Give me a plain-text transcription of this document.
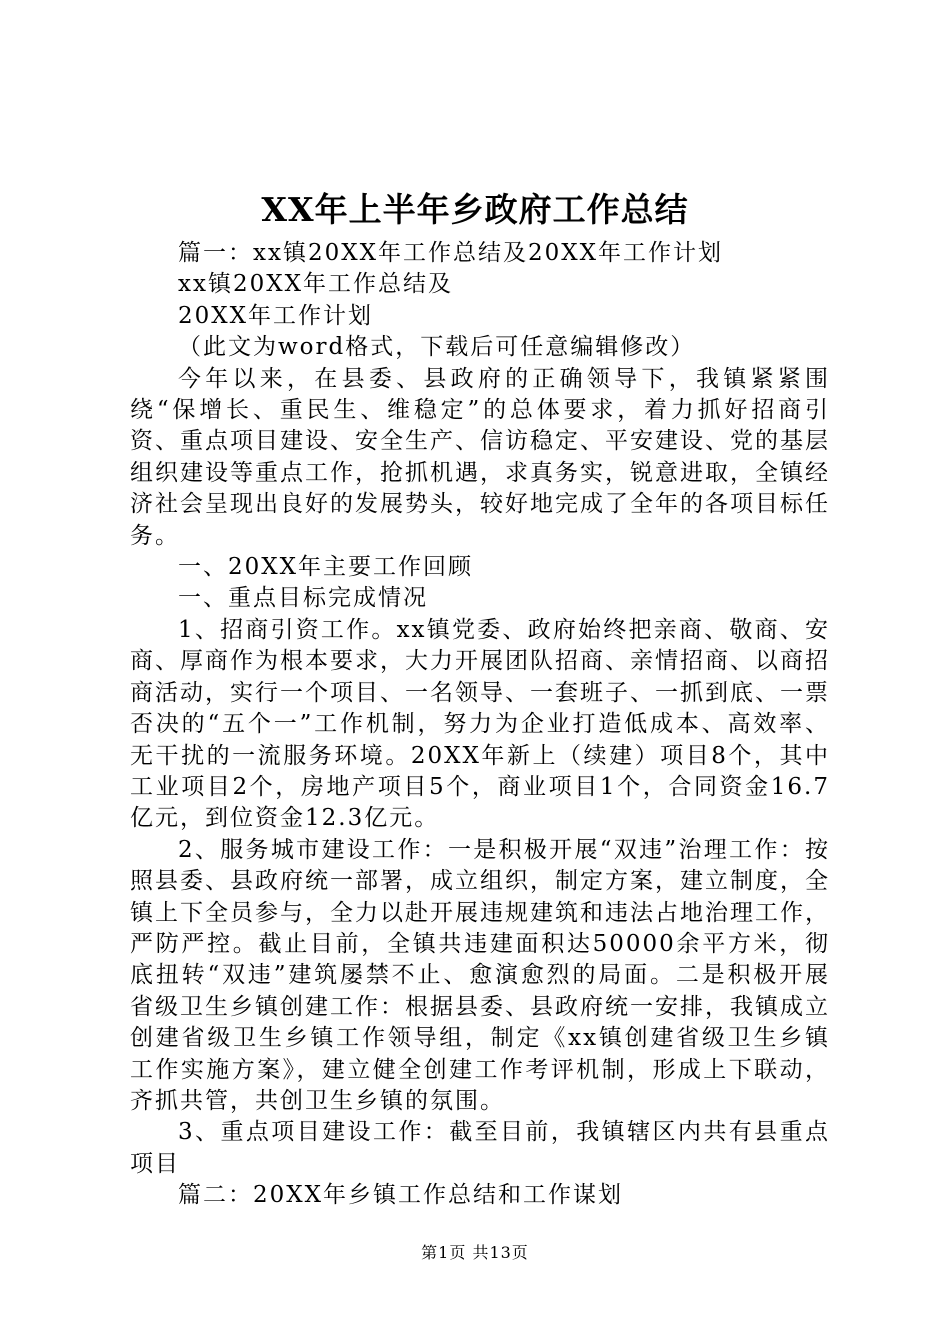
XX年上半年乡政府工作总结

篇一：xx镇20XX年工作总结及20XX年工作计划

xx镇20XX年工作总结及

20XX年工作计划

（此文为word格式，下载后可任意编辑修改）

今年以来，在县委、县政府的正确领导下，我镇紧紧围绕“保增长、重民生、维稳定”的总体要求，着力抓好招商引资、重点项目建设、安全生产、信访稳定、平安建设、党的基层组织建设等重点工作，抢抓机遇，求真务实，锐意进取，全镇经济社会呈现出良好的发展势头，较好地完成了全年的各项目标任务。

一、20XX年主要工作回顾

一、重点目标完成情况

1、招商引资工作。xx镇党委、政府始终把亲商、敬商、安商、厚商作为根本要求，大力开展团队招商、亲情招商、以商招商活动，实行一个项目、一名领导、一套班子、一抓到底、一票否决的“五个一”工作机制，努力为企业打造低成本、高效率、无干扰的一流服务环境。20XX年新上（续建）项目8个，其中工业项目2个，房地产项目5个，商业项目1个，合同资金16.7亿元，到位资金12.3亿元。

2、服务城市建设工作：一是积极开展“双违”治理工作：按照县委、县政府统一部署，成立组织，制定方案，建立制度，全镇上下全员参与，全力以赴开展违规建筑和违法占地治理工作，严防严控。截止目前，全镇共违建面积达50000余平方米，彻底扭转“双违”建筑屡禁不止、愈演愈烈的局面。二是积极开展省级卫生乡镇创建工作：根据县委、县政府统一安排，我镇成立创建省级卫生乡镇工作领导组，制定《xx镇创建省级卫生乡镇工作实施方案》，建立健全创建工作考评机制，形成上下联动，齐抓共管，共创卫生乡镇的氛围。

3、重点项目建设工作：截至目前，我镇辖区内共有县重点项目

篇二：20XX年乡镇工作总结和工作谋划

第1页 共13页
